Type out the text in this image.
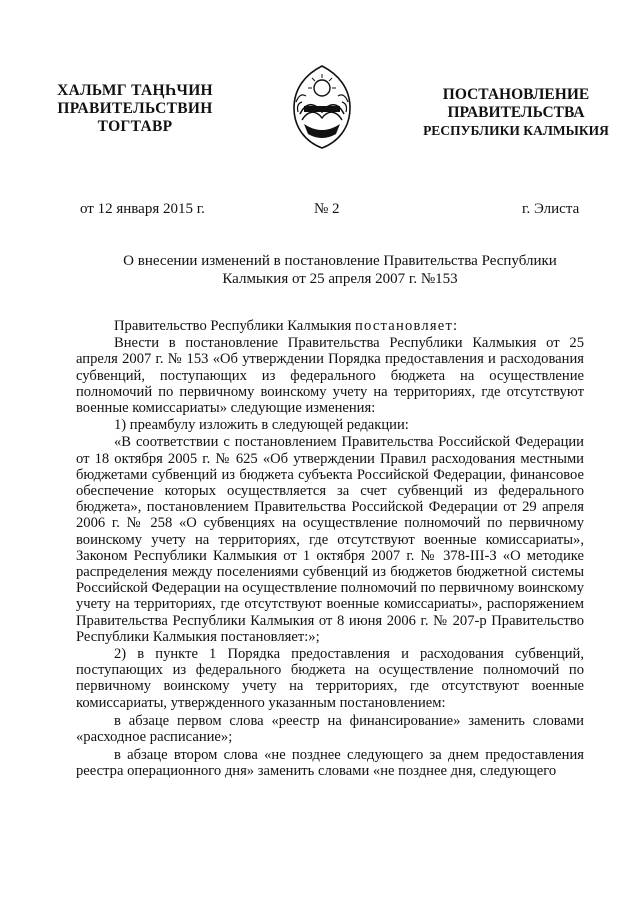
ХАЛЬМГ ТАҢҺЧИН
ПРАВИТЕЛЬСТВИН
ТОГТАВР
ПОСТАНОВЛЕНИЕ
ПРАВИТЕЛЬСТВА
РЕСПУБЛИКИ КАЛМЫКИЯ
от 12 января 2015 г.	№ 2	г. Элиста
О внесении изменений в постановление Правительства Республики
Калмыкия от 25 апреля 2007 г. №153

Правительство Республики Калмыкия постановляет:

Внести в постановление Правительства Республики Калмыкия от 25 апреля 2007 г. № 153 «Об утверждении Порядка предоставления и расходования субвенций, поступающих из федерального бюджета на осуществление полномочий по первичному воинскому учету на территориях, где отсутствуют военные комиссариаты» следующие изменения:

1) преамбулу изложить в следующей редакции:

«В соответствии с постановлением Правительства Российской Федерации от 18 октября 2005 г. № 625 «Об утверждении Правил расходования местными бюджетами субвенций из бюджета субъекта Российской Федерации, финансовое обеспечение которых осуществляется за счет субвенций из федерального бюджета», постановлением Правительства Российской Федерации от 29 апреля 2006 г. № 258 «О субвенциях на осуществление полномочий по первичному воинскому учету на территориях, где отсутствуют военные комиссариаты», Законом Республики Калмыкия от 1 октября 2007 г. № 378-III-З «О методике распределения между поселениями субвенций из бюджетов бюджетной системы Российской Федерации на осуществление полномочий по первичному воинскому учету на территориях, где отсутствуют военные комиссариаты», распоряжением Правительства Республики Калмыкия от 8 июня 2006 г. № 207-р Правительство Республики Калмыкия постановляет:»;

2) в пункте 1 Порядка предоставления и расходования субвенций, поступающих из федерального бюджета на осуществление полномочий по первичному воинскому учету на территориях, где отсутствуют военные комиссариаты, утвержденного указанным постановлением:

в абзаце первом слова «реестр на финансирование» заменить словами «расходное расписание»;

в абзаце втором слова «не позднее следующего за днем предоставления реестра операционного дня» заменить словами «не позднее дня, следующего
